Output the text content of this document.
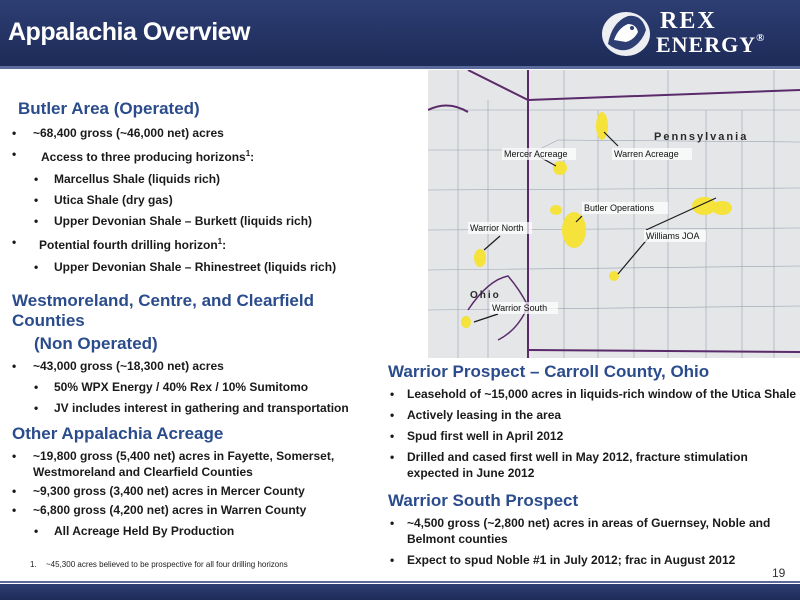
Appalachia Overview	REX
ENERGY®
Butler Area (Operated)
• ~68,400 gross (~46,000 net) acres
• Access to three producing horizons$^1$:
• Marcellus Shale (liquids rich)
• Utica Shale (dry gas)
• Upper Devonian Shale – Burkett (liquids rich)
• Potential fourth drilling horizon$^1$:
• Upper Devonian Shale – Rhinestreet (liquids rich)
Westmoreland, Centre, and Clearfield Counties
(Non Operated)
• ~43,000 gross (~18,300 net) acres
• 50% WPX Energy / 40% Rex / 10% Sumitomo
• JV includes interest in gathering and transportation
Other Appalachia Acreage
• ~19,800 gross (5,400 net) acres in Fayette, Somerset,
Westmoreland and Clearfield Counties
• ~9,300 gross (3,400 net) acres in Mercer County
• ~6,800 gross (4,200 net) acres in Warren County
• All Acreage Held By Production
Pennsylvania
Ohio
Mercer Acreage	Warren Acreage
Butler Operations
Warrior North
Williams JOA
Warrior South
Warrior Prospect – Carroll County, Ohio
• Leasehold of ~15,000 acres in liquids-rich window of the Utica Shale
• Actively leasing in the area
• Spud first well in April 2012
• Drilled and cased first well in May 2012, fracture stimulation
expected in June 2012
Warrior South Prospect
• ~4,500 gross (~2,800 net) acres in areas of Guernsey, Noble and
Belmont counties
• Expect to spud Noble #1 in July 2012; frac in August 2012
1. ~45,300 acres believed to be prospective for all four drilling horizons
19
